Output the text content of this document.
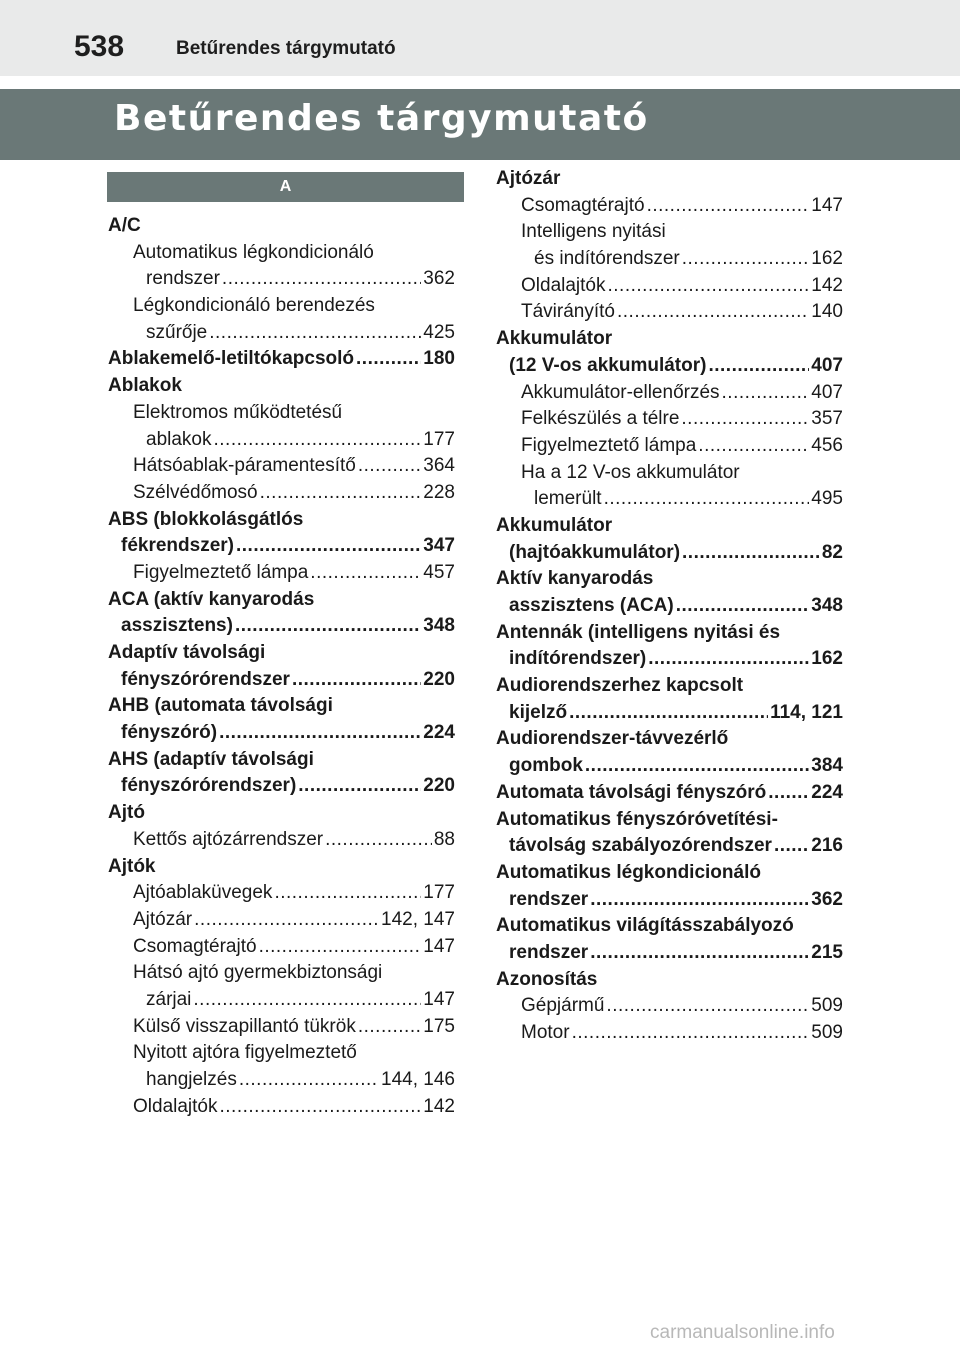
538	Betűrendes tárgymutató
Betűrendes tárgymutató
A
A/C
Automatikus légkondicionáló
rendszer .....	362
Légkondicionáló berendezés
szűrője .....	425
Ablakemelő-letiltókapcsoló .....	180
Ablakok
Elektromos működtetésű
ablakok .....	177
Hátsóablak-páramentesítő .....	364
Szélvédőmosó .....	228
ABS (blokkolásgátlós
fékrendszer) .....	347
Figyelmeztető lámpa .....	457
ACA (aktív kanyarodás
asszisztens) .....	348
Adaptív távolsági
fényszórórendszer .....	220
AHB (automata távolsági
fényszóró) .....	224
AHS (adaptív távolsági
fényszórórendszer) .....	220
Ajtó
Kettős ajtózárrendszer .....	88
Ajtók
Ajtóablaküvegek .....	177
Ajtózár .....	142, 147
Csomagtérajtó .....	147
Hátsó ajtó gyermekbiztonsági
zárjai .....	147
Külső visszapillantó tükrök .....	175
Nyitott ajtóra figyelmeztető
hangjelzés .....	144, 146
Oldalajtók .....	142
Ajtózár
Csomagtérajtó .....	147
Intelligens nyitási
és indítórendszer .....	162
Oldalajtók .....	142
Távirányító .....	140
Akkumulátor
(12 V-os akkumulátor) .....	407
Akkumulátor-ellenőrzés .....	407
Felkészülés a télre .....	357
Figyelmeztető lámpa .....	456
Ha a 12 V-os akkumulátor
lemerült .....	495
Akkumulátor
(hajtóakkumulátor) .....	82
Aktív kanyarodás
asszisztens (ACA) .....	348
Antennák (intelligens nyitási és
indítórendszer) .....	162
Audiorendszerhez kapcsolt
kijelző .....	114, 121
Audiorendszer-távvezérlő
gombok .....	384
Automata távolsági fényszóró ..... 224
Automatikus fényszóróvetítési-
távolság szabályozórendszer ..... 216
Automatikus légkondicionáló
rendszer .....	362
Automatikus világításszabályozó
rendszer .....	215
Azonosítás
Gépjármű .....	509
Motor .....	509
carmanualsonline.info
